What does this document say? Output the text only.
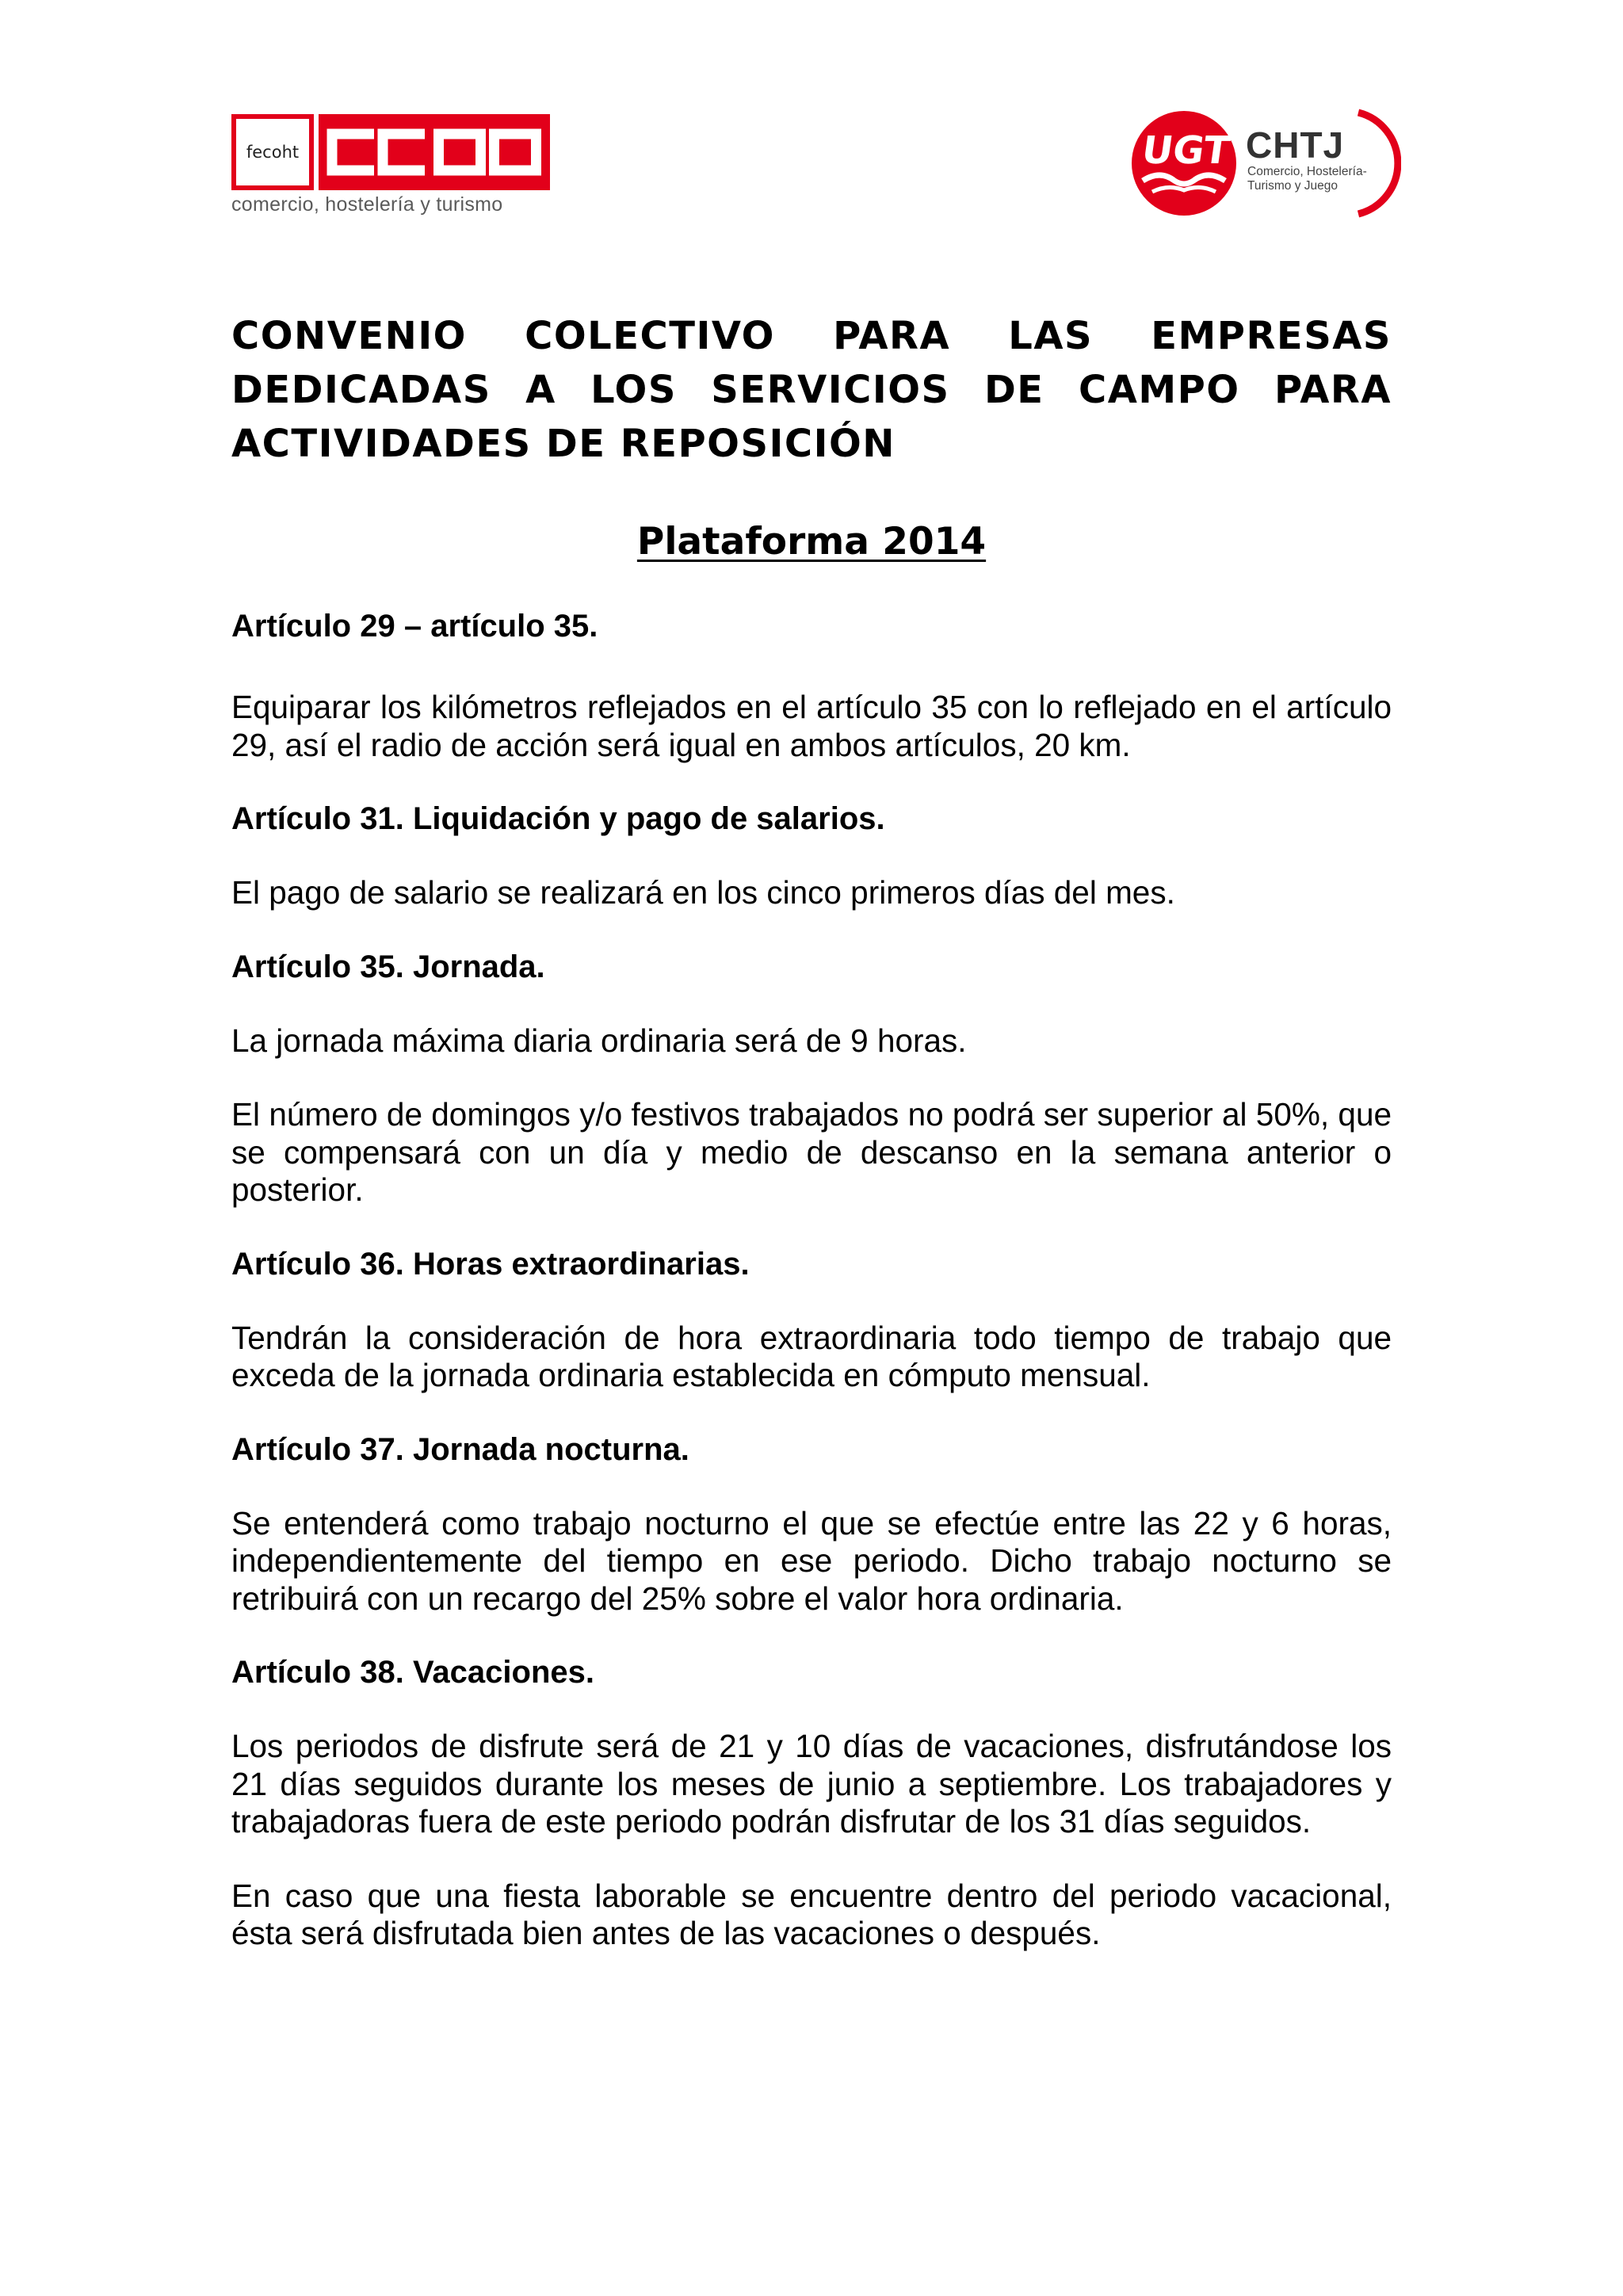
fecoht
comercio, hostelería y turismo
UGT CHTJ
Comercio, Hostelería-
Turismo y Juego
CONVENIO COLECTIVO PARA LAS EMPRESAS DEDICADAS A LOS SERVICIOS DE CAMPO PARA ACTIVIDADES DE REPOSICIÓN
Plataforma 2014
Artículo 29 – artículo 35.

Equiparar los kilómetros reflejados en el artículo 35 con lo reflejado en el artículo 29, así el radio de acción será igual en ambos artículos, 20 km.

Artículo 31. Liquidación y pago de salarios.

El pago de salario se realizará en los cinco primeros días del mes.

Artículo 35. Jornada.

La jornada máxima diaria ordinaria será de 9 horas.

El número de domingos y/o festivos trabajados no podrá ser superior al 50%, que se compensará con un día y medio de descanso en la semana anterior o posterior.

Artículo 36. Horas extraordinarias.

Tendrán la consideración de hora extraordinaria todo tiempo de trabajo que exceda de la jornada ordinaria establecida en cómputo mensual.

Artículo 37. Jornada nocturna.

Se entenderá como trabajo nocturno el que se efectúe entre las 22 y 6 horas, independientemente del tiempo en ese periodo. Dicho trabajo nocturno se retribuirá con un recargo del 25% sobre el valor hora ordinaria.

Artículo 38. Vacaciones.

Los periodos de disfrute será de 21 y 10 días de vacaciones, disfrutándose los 21 días seguidos durante los meses de junio a septiembre. Los trabajadores y trabajadoras fuera de este periodo podrán disfrutar de los 31 días seguidos.

En caso que una fiesta laborable se encuentre dentro del periodo vacacional, ésta será disfrutada bien antes de las vacaciones o después.
